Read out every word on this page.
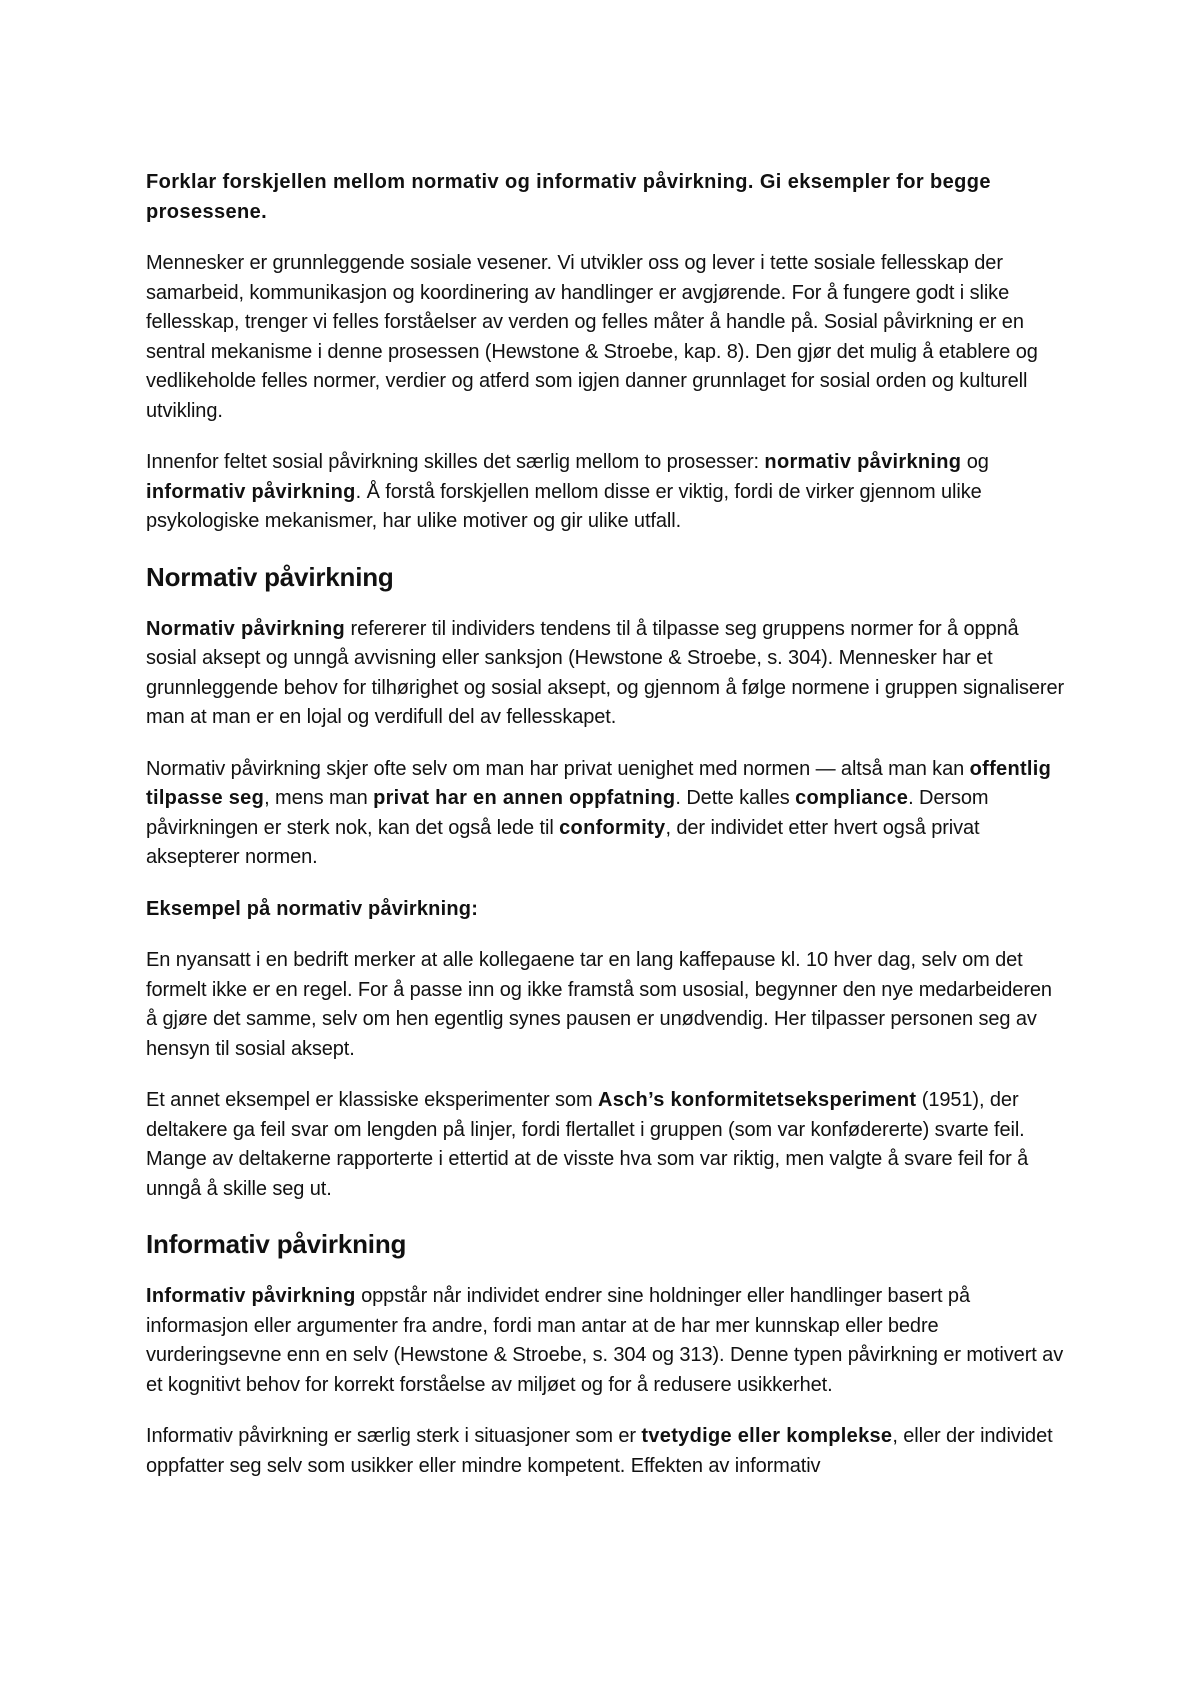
Forklar forskjellen mellom normativ og informativ påvirkning. Gi eksempler for begge prosessene.

Mennesker er grunnleggende sosiale vesener. Vi utvikler oss og lever i tette sosiale fellesskap der samarbeid, kommunikasjon og koordinering av handlinger er avgjørende. For å fungere godt i slike fellesskap, trenger vi felles forståelser av verden og felles måter å handle på. Sosial påvirkning er en sentral mekanisme i denne prosessen (Hewstone & Stroebe, kap. 8). Den gjør det mulig å etablere og vedlikeholde felles normer, verdier og atferd som igjen danner grunnlaget for sosial orden og kulturell utvikling.

Innenfor feltet sosial påvirkning skilles det særlig mellom to prosesser: normativ påvirkning og informativ påvirkning. Å forstå forskjellen mellom disse er viktig, fordi de virker gjennom ulike psykologiske mekanismer, har ulike motiver og gir ulike utfall.

Normativ påvirkning

Normativ påvirkning refererer til individers tendens til å tilpasse seg gruppens normer for å oppnå sosial aksept og unngå avvisning eller sanksjon (Hewstone & Stroebe, s. 304). Mennesker har et grunnleggende behov for tilhørighet og sosial aksept, og gjennom å følge normene i gruppen signaliserer man at man er en lojal og verdifull del av fellesskapet.

Normativ påvirkning skjer ofte selv om man har privat uenighet med normen — altså man kan offentlig tilpasse seg, mens man privat har en annen oppfatning. Dette kalles compliance. Dersom påvirkningen er sterk nok, kan det også lede til conformity, der individet etter hvert også privat aksepterer normen.

Eksempel på normativ påvirkning:

En nyansatt i en bedrift merker at alle kollegaene tar en lang kaffepause kl. 10 hver dag, selv om det formelt ikke er en regel. For å passe inn og ikke framstå som usosial, begynner den nye medarbeideren å gjøre det samme, selv om hen egentlig synes pausen er unødvendig. Her tilpasser personen seg av hensyn til sosial aksept.

Et annet eksempel er klassiske eksperimenter som Asch’s konformitetseksperiment (1951), der deltakere ga feil svar om lengden på linjer, fordi flertallet i gruppen (som var konfødererte) svarte feil. Mange av deltakerne rapporterte i ettertid at de visste hva som var riktig, men valgte å svare feil for å unngå å skille seg ut.

Informativ påvirkning

Informativ påvirkning oppstår når individet endrer sine holdninger eller handlinger basert på informasjon eller argumenter fra andre, fordi man antar at de har mer kunnskap eller bedre vurderingsevne enn en selv (Hewstone & Stroebe, s. 304 og 313). Denne typen påvirkning er motivert av et kognitivt behov for korrekt forståelse av miljøet og for å redusere usikkerhet.

Informativ påvirkning er særlig sterk i situasjoner som er tvetydige eller komplekse, eller der individet oppfatter seg selv som usikker eller mindre kompetent. Effekten av informativ
